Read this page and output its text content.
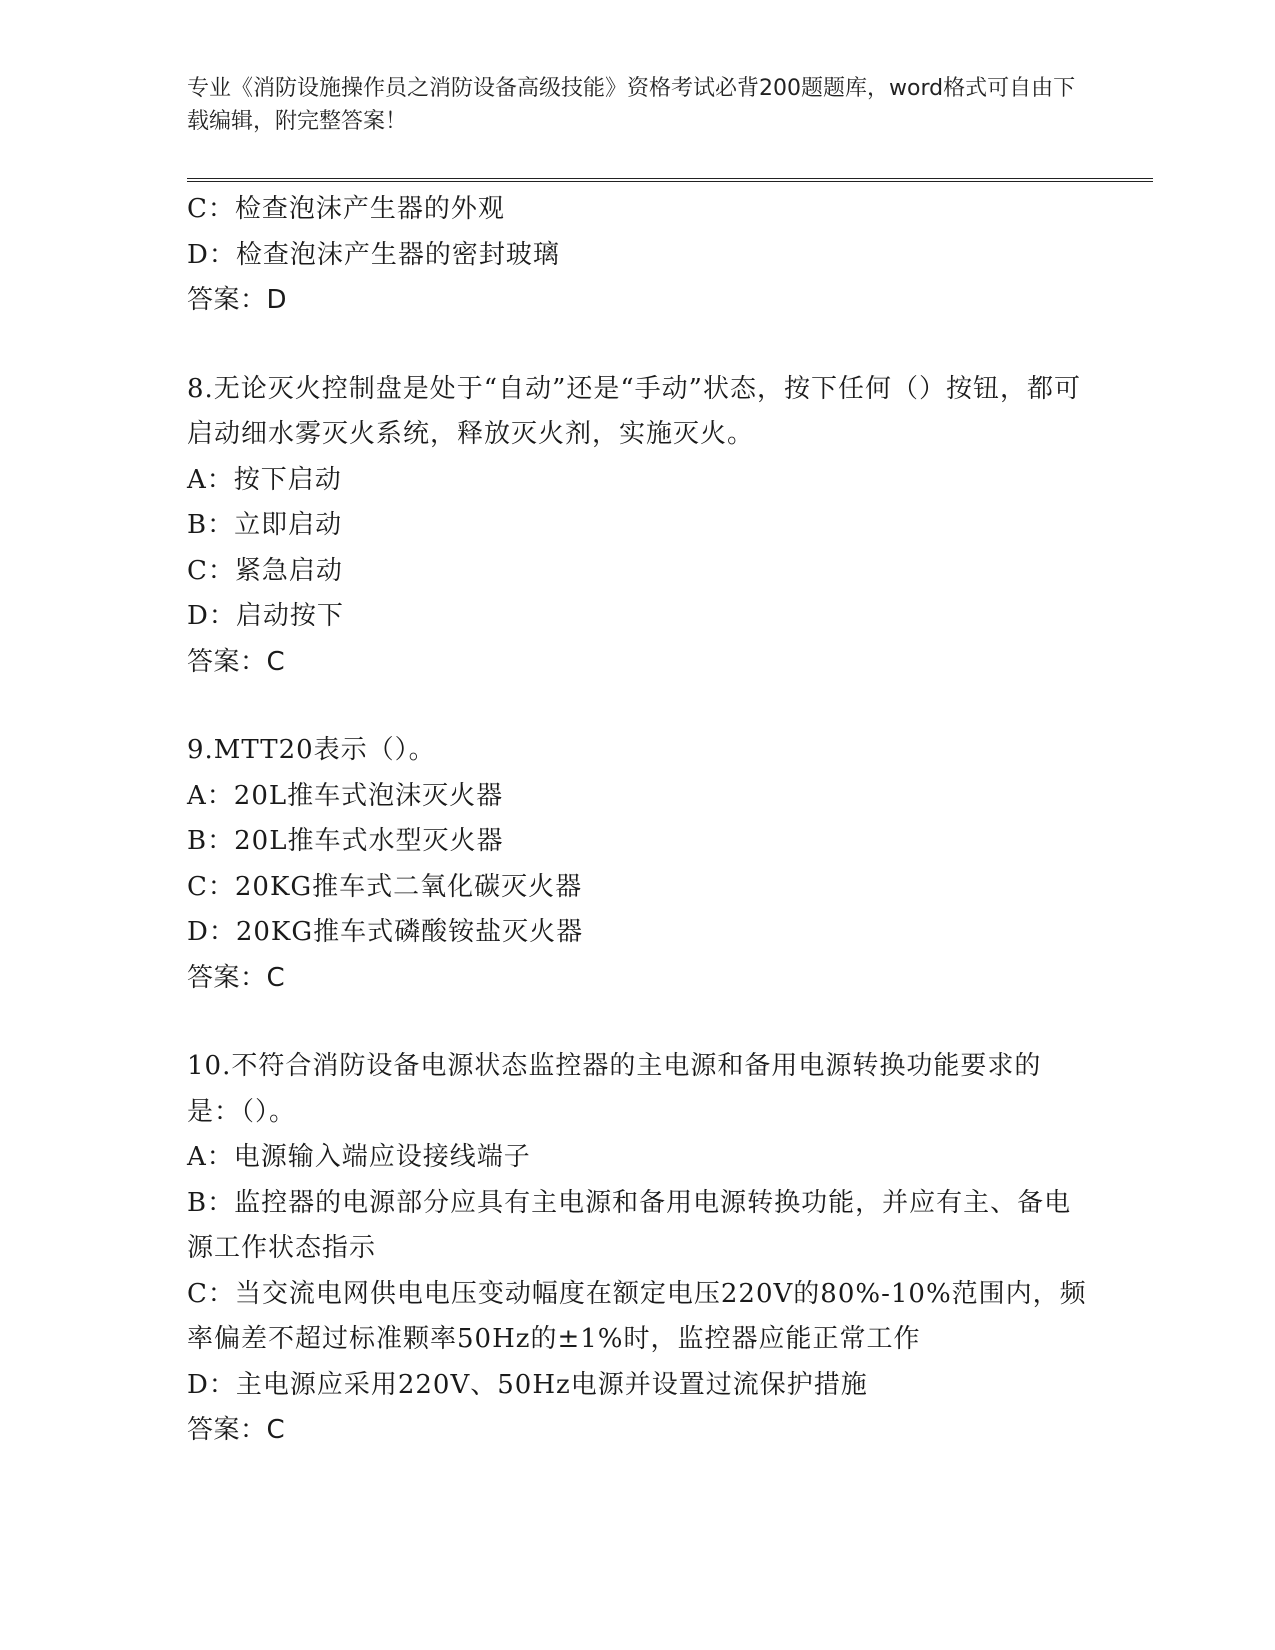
专业《消防设施操作员之消防设备高级技能》资格考试必背200题题库，word格式可自由下载编辑，附完整答案！

C：检查泡沫产生器的外观

D：检查泡沫产生器的密封玻璃

答案：D

8.无论灭火控制盘是处于“自动”还是“手动”状态，按下任何（）按钮，都可启动细水雾灭火系统，释放灭火剂，实施灭火。

A：按下启动

B：立即启动

C：紧急启动

D：启动按下

答案：C

9.MTT20表示（）。

A：20L推车式泡沫灭火器

B：20L推车式水型灭火器

C：20KG推车式二氧化碳灭火器

D：20KG推车式磷酸铵盐灭火器

答案：C

10.不符合消防设备电源状态监控器的主电源和备用电源转换功能要求的是：（）。

A：电源输入端应设接线端子

B：监控器的电源部分应具有主电源和备用电源转换功能，并应有主、备电源工作状态指示

C：当交流电网供电电压变动幅度在额定电压220V的80%-10%范围内，频率偏差不超过标准颗率50Hz的±1%时，监控器应能正常工作

D：主电源应采用220V、50Hz电源并设置过流保护措施

答案：C
